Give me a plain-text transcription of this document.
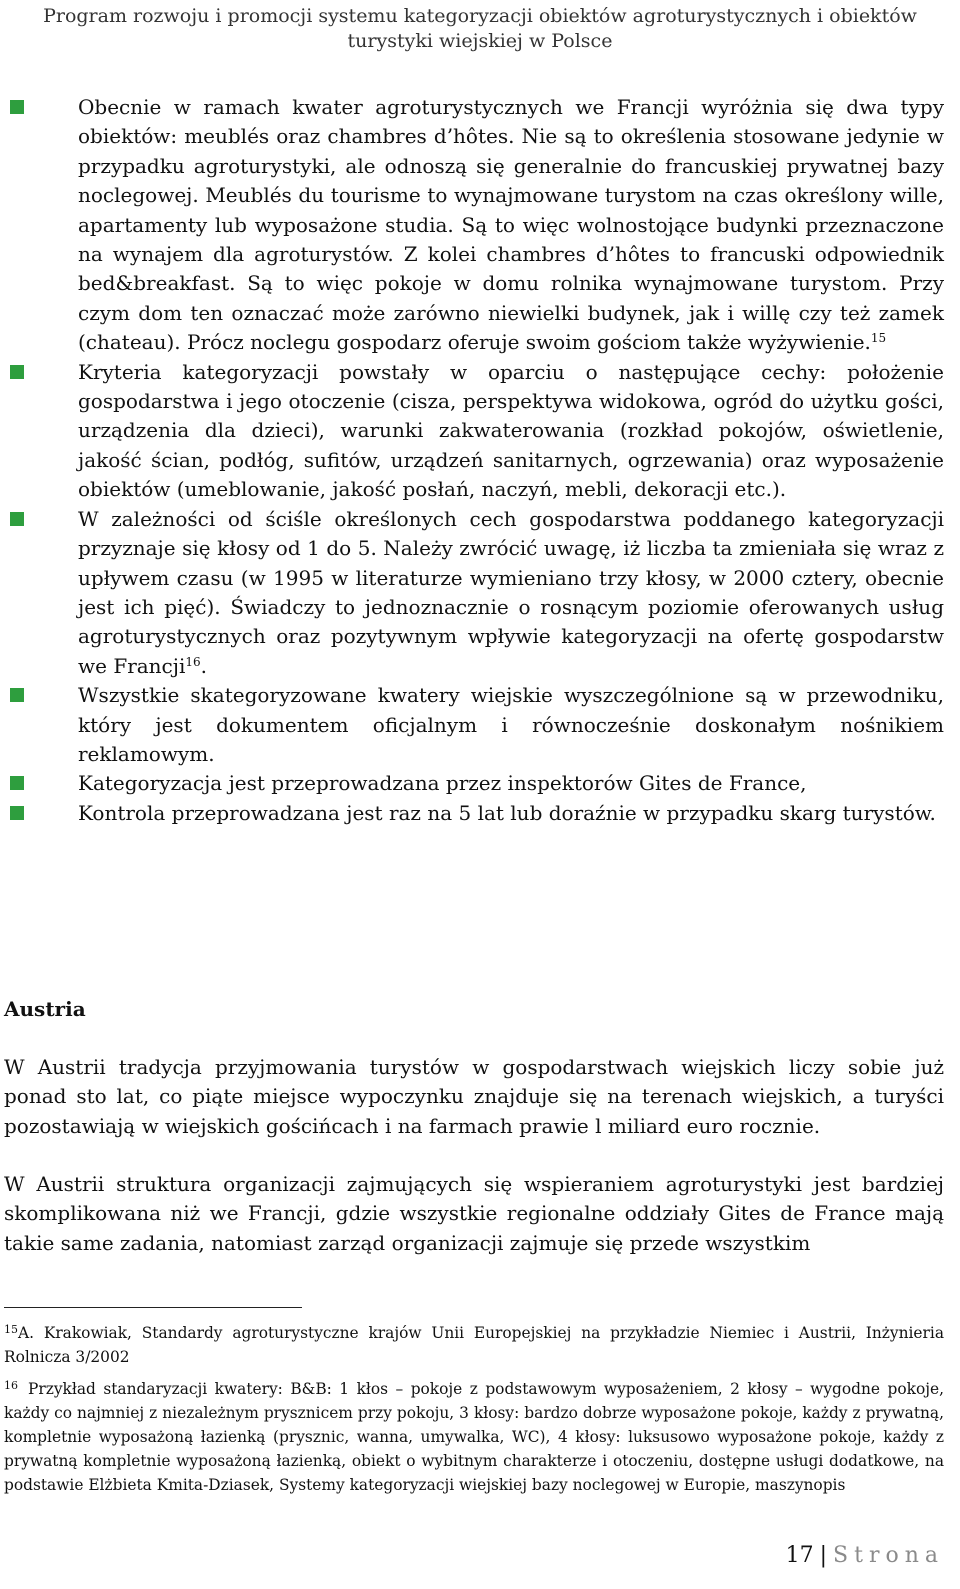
Program rozwoju i promocji systemu kategoryzacji obiektów agroturystycznych i obiektów turystyki wiejskiej w Polsce
Obecnie w ramach kwater agroturystycznych we Francji wyróżnia się dwa typy obiektów: meublés oraz chambres d’hôtes. Nie są to określenia stosowane jedynie w przypadku agroturystyki, ale odnoszą się generalnie do francuskiej prywatnej bazy noclegowej. Meublés du tourisme to wynajmowane turystom na czas określony wille, apartamenty lub wyposażone studia. Są to więc wolnostojące budynki przeznaczone na wynajem dla agroturystów. Z kolei chambres d’hôtes to francuski odpowiednik bed&breakfast. Są to więc pokoje w domu rolnika wynajmowane turystom. Przy czym dom ten oznaczać może zarówno niewielki budynek, jak i willę czy też zamek (chateau). Prócz noclegu gospodarz oferuje swoim gościom także wyżywienie.$^{15}$
Kryteria kategoryzacji powstały w oparciu o następujące cechy: położenie gospodarstwa i jego otoczenie (cisza, perspektywa widokowa, ogród do użytku gości, urządzenia dla dzieci), warunki zakwaterowania (rozkład pokojów, oświetlenie, jakość ścian, podłóg, sufitów, urządzeń sanitarnych, ogrzewania) oraz wyposażenie obiektów (umeblowanie, jakość posłań, naczyń, mebli, dekoracji etc.).
W zależności od ściśle określonych cech gospodarstwa poddanego kategoryzacji przyznaje się kłosy od 1 do 5. Należy zwrócić uwagę, iż liczba ta zmieniała się wraz z upływem czasu (w 1995 w literaturze wymieniano trzy kłosy, w 2000 cztery, obecnie jest ich pięć). Świadczy to jednoznacznie o rosnącym poziomie oferowanych usług agroturystycznych oraz pozytywnym wpływie kategoryzacji na ofertę gospodarstw we Francji$^{16}$.
Wszystkie skategoryzowane kwatery wiejskie wyszczególnione są w przewodniku, który jest dokumentem oficjalnym i równocześnie doskonałym nośnikiem reklamowym.
Kategoryzacja jest przeprowadzana przez inspektorów Gites de France,
Kontrola przeprowadzana jest raz na 5 lat lub doraźnie w przypadku skarg turystów.
Austria

W Austrii tradycja przyjmowania turystów w gospodarstwach wiejskich liczy sobie już ponad sto lat, co piąte miejsce wypoczynku znajduje się na terenach wiejskich, a turyści pozostawiają w wiejskich gościńcach i na farmach prawie l miliard euro rocznie.

W Austrii struktura organizacji zajmujących się wspieraniem agroturystyki jest bardziej skomplikowana niż we Francji, gdzie wszystkie regionalne oddziały Gites de France mają takie same zadania, natomiast zarząd organizacji zajmuje się przede wszystkim

$^{15}$A. Krakowiak, Standardy agroturystyczne krajów Unii Europejskiej na przykładzie Niemiec i Austrii, Inżynieria Rolnicza 3/2002

$^{16}$ Przykład standaryzacji kwatery: B&B: 1 kłos – pokoje z podstawowym wyposażeniem, 2 kłosy – wygodne pokoje, każdy co najmniej z niezależnym prysznicem przy pokoju, 3 kłosy: bardzo dobrze wyposażone pokoje, każdy z prywatną, kompletnie wyposażoną łazienką (prysznic, wanna, umywalka, WC), 4 kłosy: luksusowo wyposażone pokoje, każdy z prywatną kompletnie wyposażoną łazienką, obiekt o wybitnym charakterze i otoczeniu, dostępne usługi dodatkowe, na podstawie Elżbieta Kmita-Dziasek, Systemy kategoryzacji wiejskiej bazy noclegowej w Europie, maszynopis

17 | Strona
